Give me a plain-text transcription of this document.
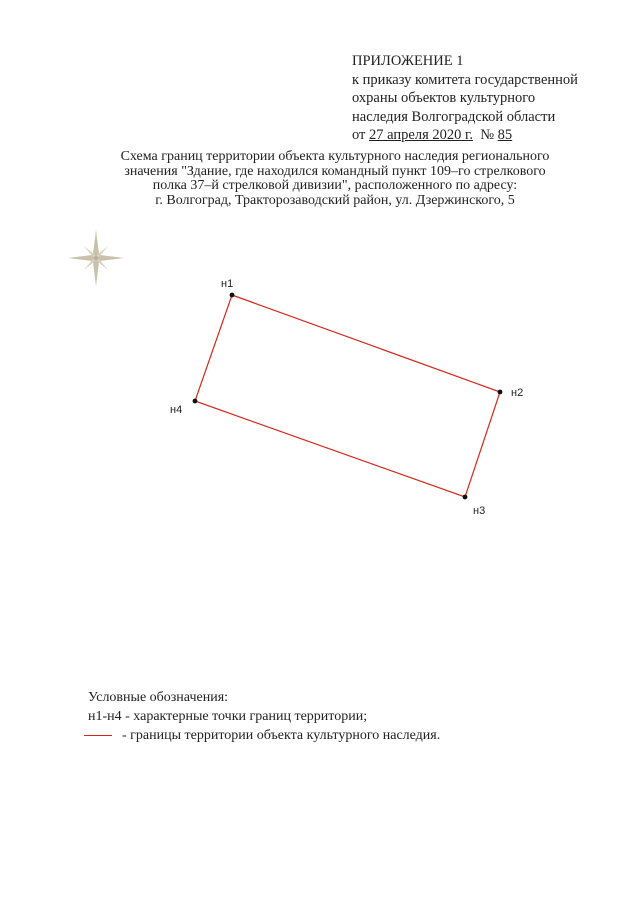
ПРИЛОЖЕНИЕ 1
к приказу комитета государственной
охраны объектов культурного
наследия Волгоградской области
от 27 апреля 2020 г. № 85
Схема границ территории объекта культурного наследия регионального
значения "Здание, где находился командный пункт 109–го стрелкового
полка 37–й стрелковой дивизии", расположенного по адресу:
г. Волгоград, Тракторозаводский район, ул. Дзержинского, 5
н1
н2
н3
н4
Условные обозначения:
н1-н4 - характерные точки границ территории;
- границы территории объекта культурного наследия.
